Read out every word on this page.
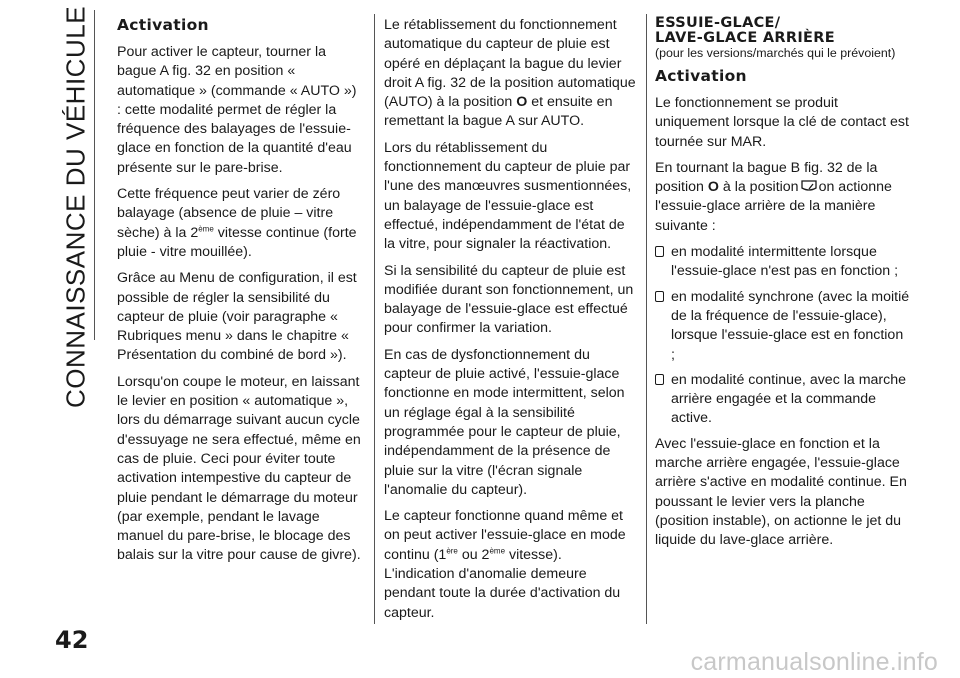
CONNAISSANCE DU VÉHICULE Activation

Pour activer le capteur, tourner la bague A fig. 32 en position « automatique » (commande « AUTO ») : cette modalité permet de régler la fréquence des balayages de l'essuie-glace en fonction de la quantité d'eau présente sur le pare-brise.

Cette fréquence peut varier de zéro balayage (absence de pluie – vitre sèche) à la 2ème vitesse continue (forte pluie - vitre mouillée).

Grâce au Menu de configuration, il est possible de régler la sensibilité du capteur de pluie (voir paragraphe « Rubriques menu » dans le chapitre « Présentation du combiné de bord »).

Lorsqu'on coupe le moteur, en laissant le levier en position « automatique », lors du démarrage suivant aucun cycle d'essuyage ne sera effectué, même en cas de pluie. Ceci pour éviter toute activation intempestive du capteur de pluie pendant le démarrage du moteur (par exemple, pendant le lavage manuel du pare-brise, le blocage des balais sur la vitre pour cause de givre).

Le rétablissement du fonctionnement automatique du capteur de pluie est opéré en déplaçant la bague du levier droit A fig. 32 de la position automatique (AUTO) à la position O et ensuite en remettant la bague A sur AUTO.

Lors du rétablissement du fonctionnement du capteur de pluie par l'une des manœuvres susmentionnées, un balayage de l'essuie-glace est effectué, indépendamment de l'état de la vitre, pour signaler la réactivation.

Si la sensibilité du capteur de pluie est modifiée durant son fonctionnement, un balayage de l'essuie-glace est effectué pour confirmer la variation.

En cas de dysfonctionnement du capteur de pluie activé, l'essuie-glace fonctionne en mode intermittent, selon un réglage égal à la sensibilité programmée pour le capteur de pluie, indépendamment de la présence de pluie sur la vitre (l'écran signale l'anomalie du capteur).

Le capteur fonctionne quand même et on peut activer l'essuie-glace en mode continu (1ère ou 2ème vitesse). L'indication d'anomalie demeure pendant toute la durée d'activation du capteur.

ESSUIE-GLACE/
LAVE-GLACE ARRIÈRE

(pour les versions/marchés qui le prévoient)

Activation

Le fonctionnement se produit uniquement lorsque la clé de contact est tournée sur MAR.

En tournant la bague B fig. 32 de la position O à la position on actionne l'essuie-glace arrière de la manière suivante :

en modalité intermittente lorsque l'essuie-glace n'est pas en fonction ;

en modalité synchrone (avec la moitié de la fréquence de l'essuie-glace), lorsque l'essuie-glace est en fonction ;

en modalité continue, avec la marche arrière engagée et la commande active.

Avec l'essuie-glace en fonction et la marche arrière engagée, l'essuie-glace arrière s'active en modalité continue. En poussant le levier vers la planche (position instable), on actionne le jet du liquide du lave-glace arrière.

42
carmanualsonline.info
